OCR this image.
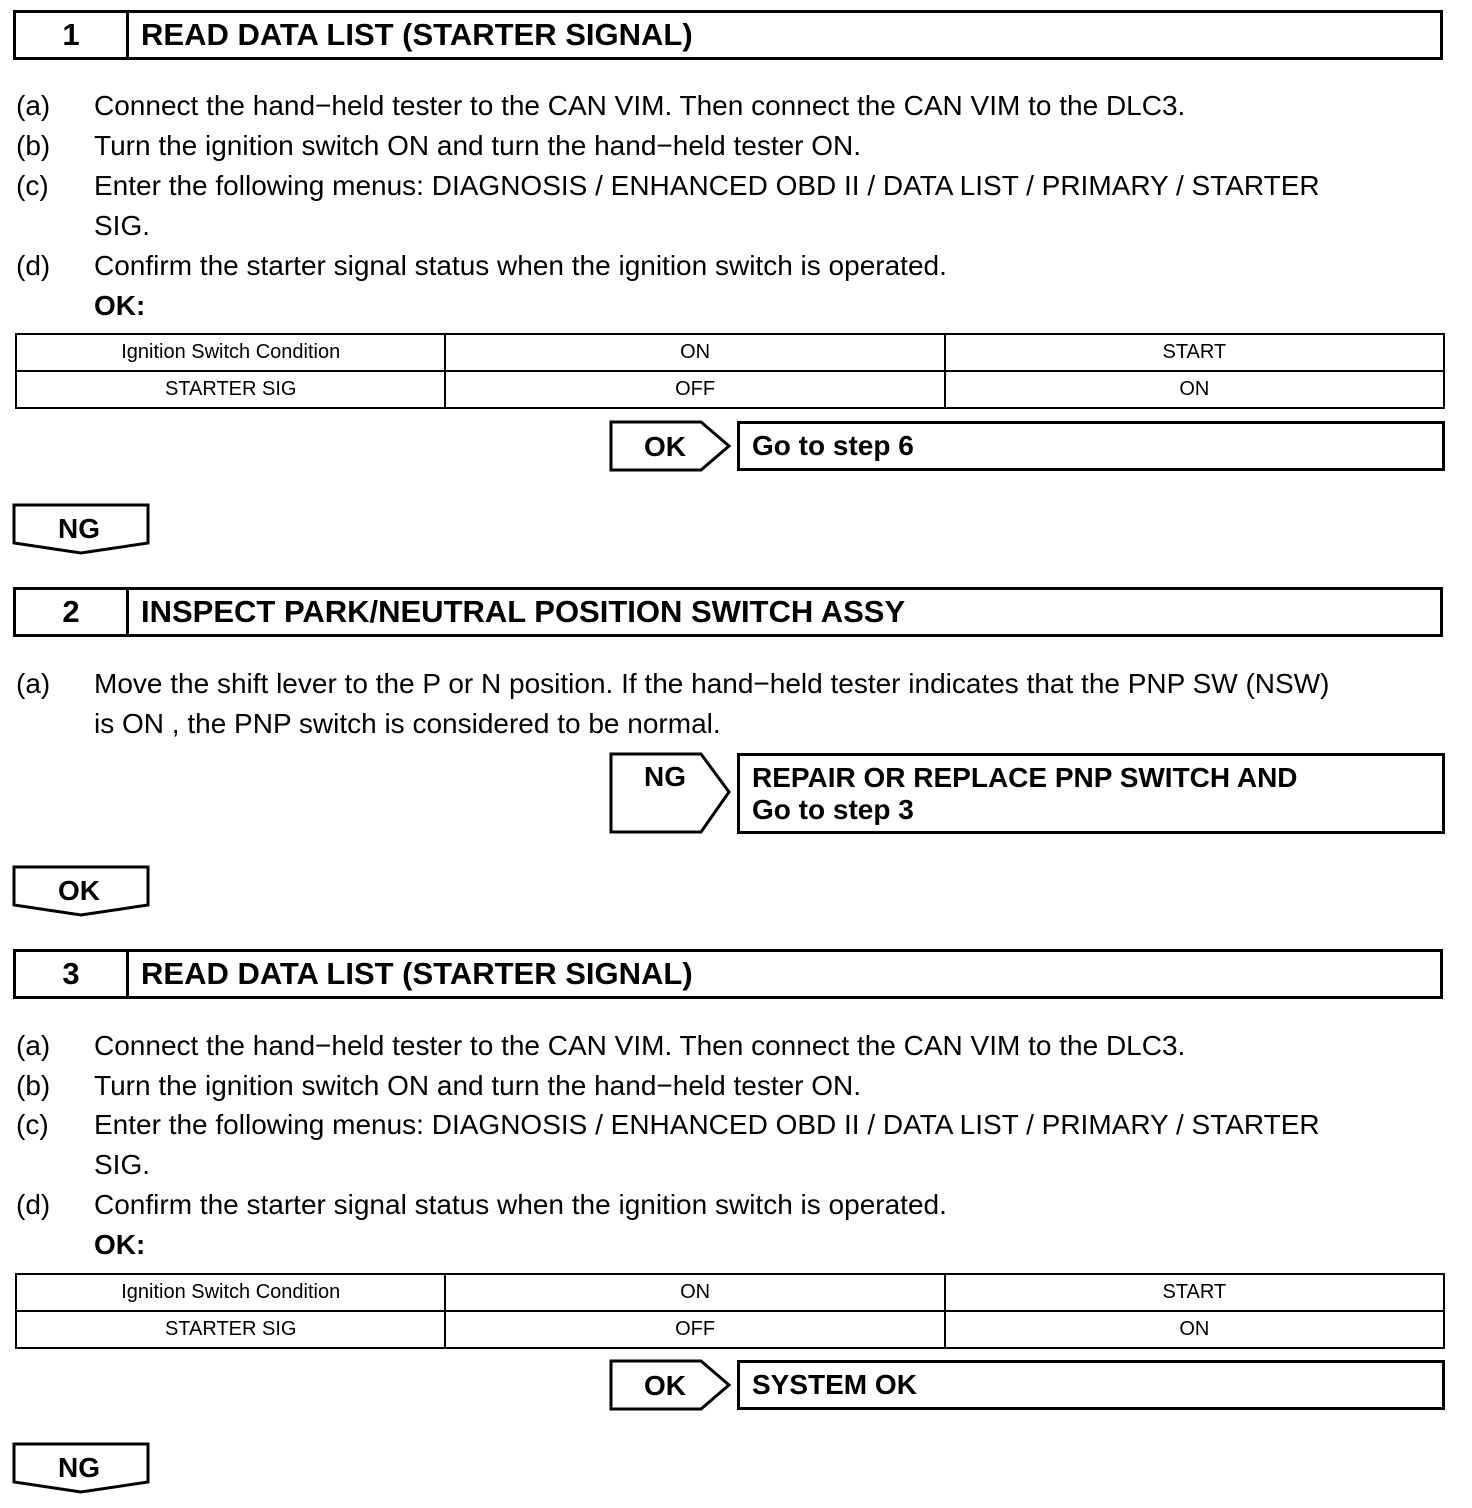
1	READ DATA LIST (STARTER SIGNAL)
(a) Connect the hand−held tester to the CAN VIM. Then connect the CAN VIM to the DLC3.
(b) Turn the ignition switch ON and turn the hand−held tester ON.
(c) Enter the following menus: DIAGNOSIS / ENHANCED OBD II / DATA LIST / PRIMARY / STARTER
SIG.
(d) Confirm the starter signal status when the ignition switch is operated.
OK:
Ignition Switch Condition	ON	START
STARTER SIG	OFF	ON
OK	Go to step 6
NG
2	INSPECT PARK/NEUTRAL POSITION SWITCH ASSY
(a) Move the shift lever to the P or N position. If the hand−held tester indicates that the PNP SW (NSW)
is ON , the PNP switch is considered to be normal.
NG REPAIR OR REPLACE PNP SWITCH AND
Go to step 3
OK
3	READ DATA LIST (STARTER SIGNAL)
(a) Connect the hand−held tester to the CAN VIM. Then connect the CAN VIM to the DLC3.
(b) Turn the ignition switch ON and turn the hand−held tester ON.
(c) Enter the following menus: DIAGNOSIS / ENHANCED OBD II / DATA LIST / PRIMARY / STARTER
SIG.
(d) Confirm the starter signal status when the ignition switch is operated.
OK:
Ignition Switch Condition	ON	START
STARTER SIG	OFF	ON
OK	SYSTEM OK
NG
